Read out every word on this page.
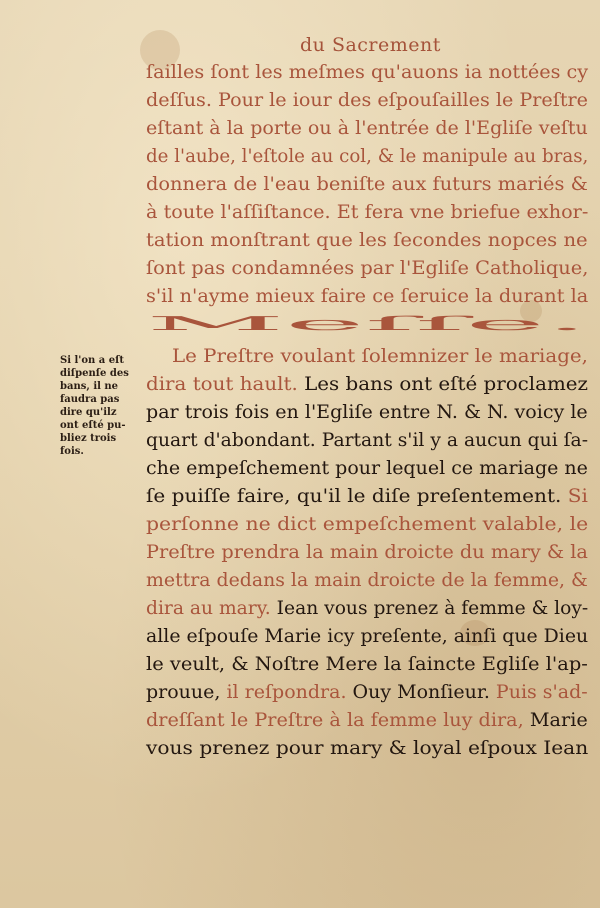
du Sacrement
Si l'on a eſt
diſpenſe des
bans, il ne
faudra pas
dire qu'ilz
ont eſté pu-
bliez trois
fois.
ſailles ſont les meſmes qu'auons ia nottées cy
deſſus. Pour le iour des eſpouſailles le Preſtre
eſtant à la porte ou à l'entrée de l'Egliſe veſtu
de l'aube, l'eſtole au col, & le manipule au bras,
donnera de l'eau beniſte aux futurs mariés &
à toute l'aſſiſtance. Et fera vne briefue exhor-
tation monſtrant que les ſecondes nopces ne
ſont pas condamnées par l'Egliſe Catholique,
s'il n'ayme mieux faire ce ſeruice la durant la
Meſſe.
Le Preſtre voulant ſolemnizer le mariage,
dira tout hault. Les bans ont eſté proclamez
par trois fois en l'Egliſe entre N. & N. voicy le
quart d'abondant. Partant s'il y a aucun qui ſa-
che empeſchement pour lequel ce mariage ne
ſe puiſſe faire, qu'il le diſe preſentement. Si
perſonne ne dict empeſchement valable, le
Preſtre prendra la main droicte du mary & la
mettra dedans la main droicte de la femme, &
dira au mary. Iean vous prenez à femme & loy-
alle eſpouſe Marie icy preſente, ainſi que Dieu
le veult, & Noſtre Mere la ſaincte Egliſe l'ap-
prouue, il reſpondra. Ouy Monſieur. Puis s'ad-
dreſſant le Preſtre à la femme luy dira, Marie
vous prenez pour mary & loyal eſpoux Iean
